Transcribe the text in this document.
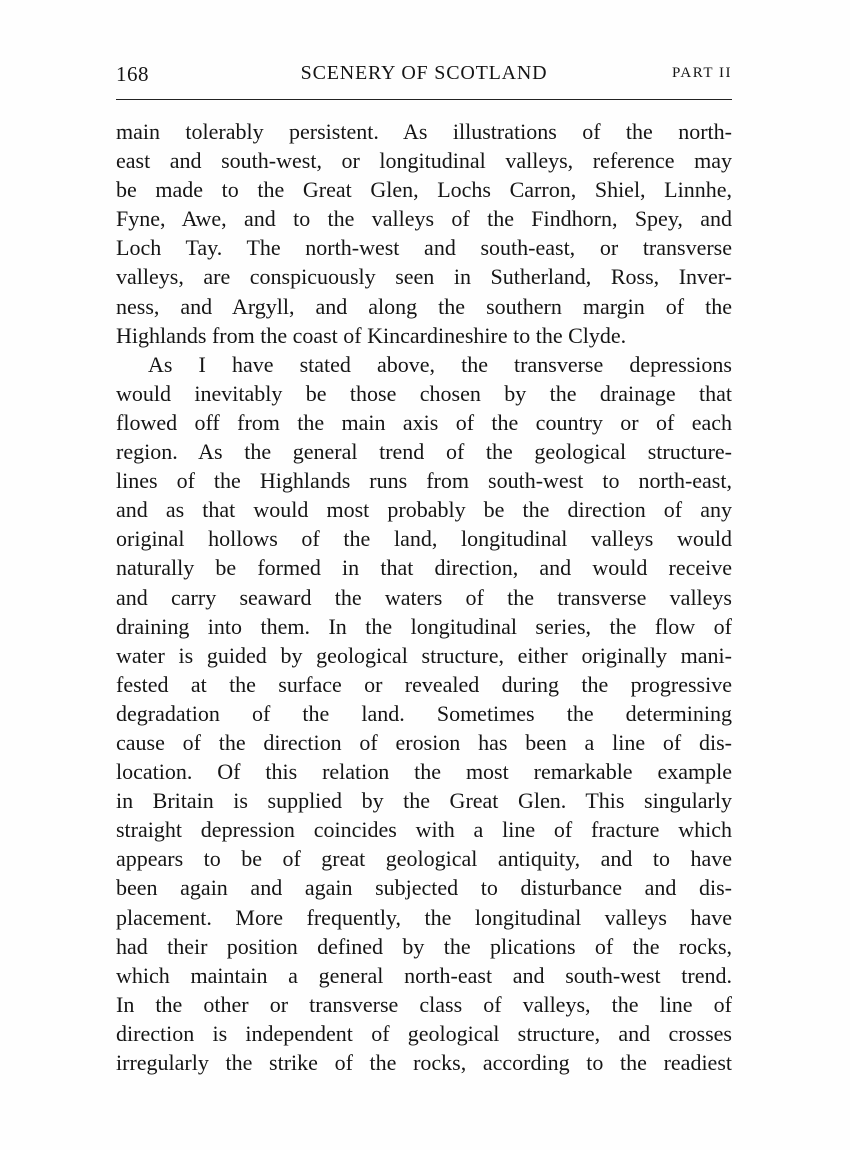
168	SCENERY OF SCOTLAND	PART II
main tolerably persistent. As illustrations of the north-
east and south-west, or longitudinal valleys, reference may
be made to the Great Glen, Lochs Carron, Shiel, Linnhe,
Fyne, Awe, and to the valleys of the Findhorn, Spey, and
Loch Tay. The north-west and south-east, or transverse
valleys, are conspicuously seen in Sutherland, Ross, Inver-
ness, and Argyll, and along the southern margin of the
Highlands from the coast of Kincardineshire to the Clyde.
As I have stated above, the transverse depressions
would inevitably be those chosen by the drainage that
flowed off from the main axis of the country or of each
region. As the general trend of the geological structure-
lines of the Highlands runs from south-west to north-east,
and as that would most probably be the direction of any
original hollows of the land, longitudinal valleys would
naturally be formed in that direction, and would receive
and carry seaward the waters of the transverse valleys
draining into them. In the longitudinal series, the flow of
water is guided by geological structure, either originally mani-
fested at the surface or revealed during the progressive
degradation of the land. Sometimes the determining
cause of the direction of erosion has been a line of dis-
location. Of this relation the most remarkable example
in Britain is supplied by the Great Glen. This singularly
straight depression coincides with a line of fracture which
appears to be of great geological antiquity, and to have
been again and again subjected to disturbance and dis-
placement. More frequently, the longitudinal valleys have
had their position defined by the plications of the rocks,
which maintain a general north-east and south-west trend.
In the other or transverse class of valleys, the line of
direction is independent of geological structure, and crosses
irregularly the strike of the rocks, according to the readiest
